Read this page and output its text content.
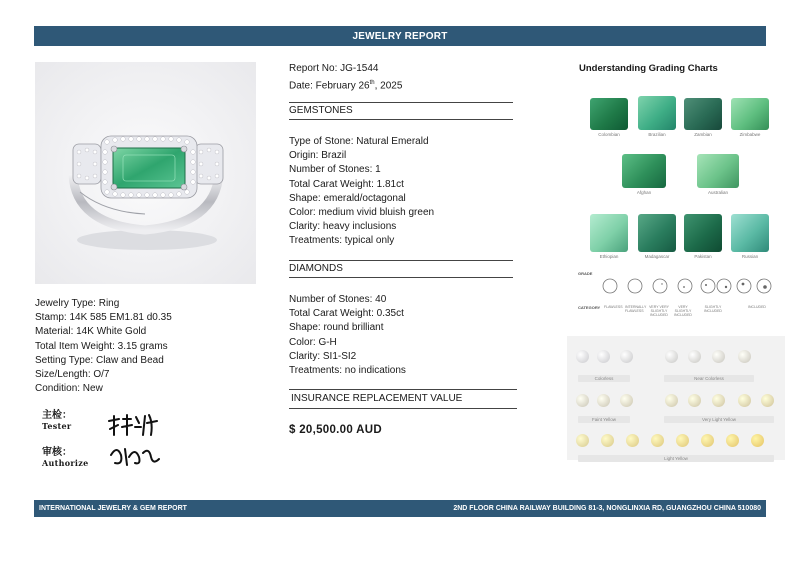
JEWELRY REPORT
Jewelry Type: Ring
Stamp: 14K 585 EM1.81 d0.35
Material: 14K White Gold
Total Item Weight: 3.15 grams
Setting Type: Claw and Bead
Size/Length: O/7
Condition: New
主检：
Tester
审核：
Authorize
Report No: JG-1544
Date: February 26th, 2025
GEMSTONES
Type of Stone: Natural Emerald
Origin: Brazil
Number of Stones: 1
Total Carat Weight: 1.81ct
Shape: emerald/octagonal
Color: medium vivid bluish green
Clarity: heavy inclusions
Treatments: typical only
DIAMONDS
Number of Stones: 40
Total Carat Weight: 0.35ct
Shape: round brilliant
Color: G-H
Clarity: SI1-SI2
Treatments: no indications
INSURANCE REPLACEMENT VALUE
$ 20,500.00 AUD
Understanding Grading Charts
Colombian	Brazilian	Zambian	Zimbabwe
Afghan	Australian
Ethiopian	Madagascar	Pakistan	Russian
GRADE
CATEGORY FLAWLESS INTERNALLY FLAWLESS
VERY VERY SLIGHTLY INCLUDED
VERY SLIGHTLY INCLUDED
SLIGHTLY INCLUDED
INCLUDED
Colorless	Near Colorless
Faint Yellow	Very Light Yellow
Light Yellow
INTERNATIONAL JEWELRY & GEM REPORT	2ND FLOOR CHINA RAILWAY BUILDING 81-3, NONGLINXIA RD, GUANGZHOU CHINA 510080
